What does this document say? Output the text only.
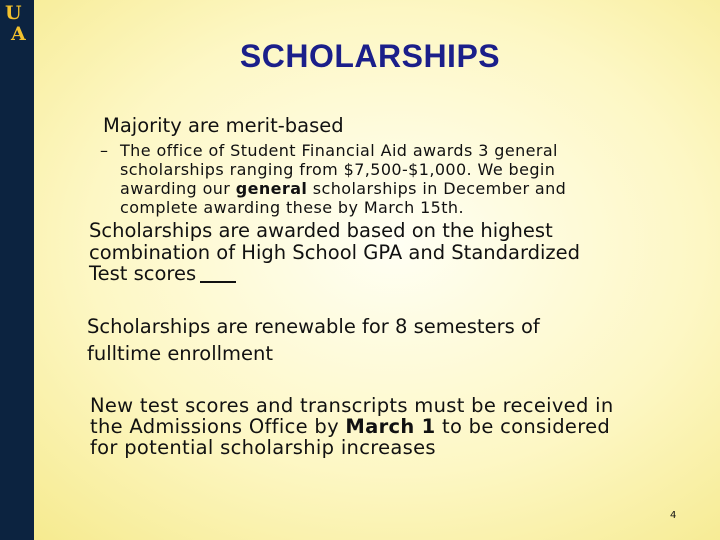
U
A
SCHOLARSHIPS
Majority are merit-based
– The office of Student Financial Aid awards 3 general
scholarships ranging from $7,500-$1,000. We begin
awarding our general scholarships in December and
complete awarding these by March 15th.
Scholarships are awarded based on the highest
combination of High School GPA and Standardized
Test scores
Scholarships are renewable for 8 semesters of
fulltime enrollment
New test scores and transcripts must be received in
the Admissions Office by March 1 to be considered
for potential scholarship increases
4
